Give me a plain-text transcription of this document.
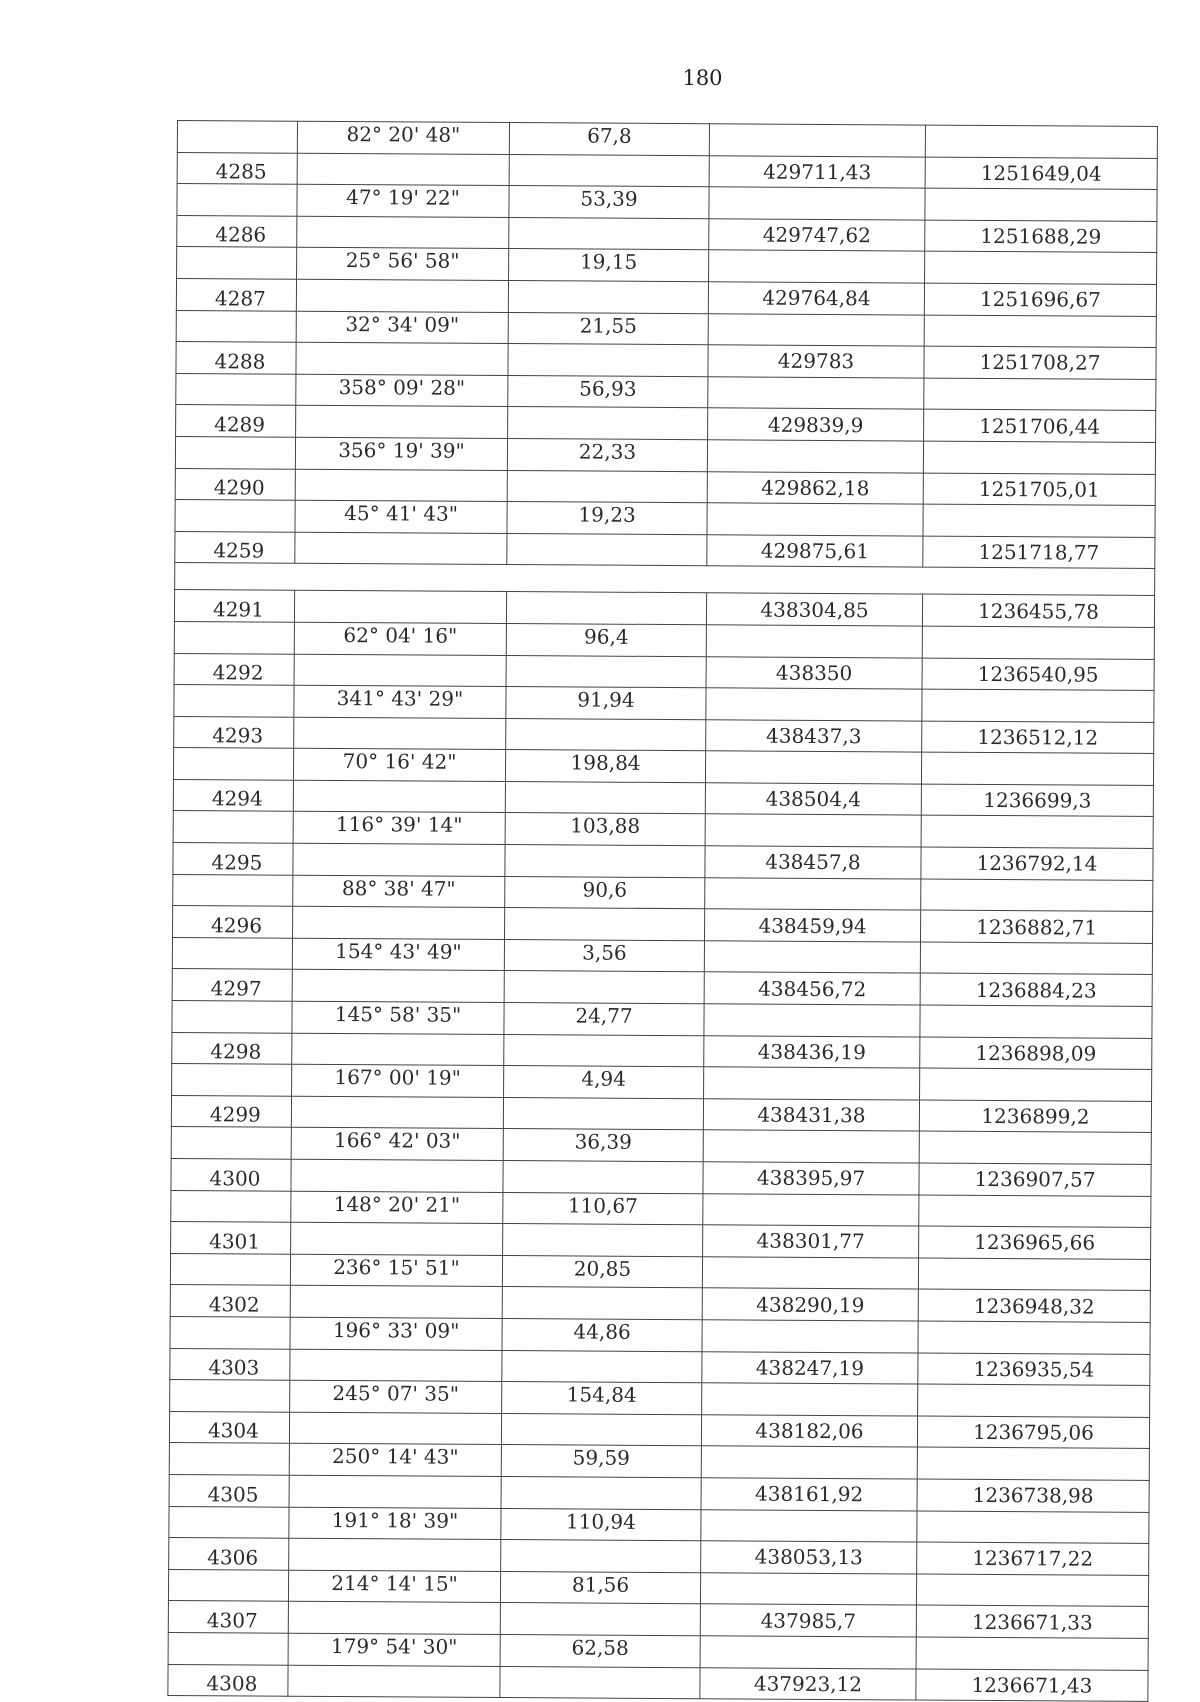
180
	82° 20' 48"	67,8		
4285			429711,43	1251649,04
	47° 19' 22"	53,39		
4286			429747,62	1251688,29
	25° 56' 58"	19,15		
4287			429764,84	1251696,67
	32° 34' 09"	21,55		
4288			429783	1251708,27
	358° 09' 28"	56,93		
4289			429839,9	1251706,44
	356° 19' 39"	22,33		
4290			429862,18	1251705,01
	45° 41' 43"	19,23		
4259			429875,61	1251718,77

4291			438304,85	1236455,78
	62° 04' 16"	96,4		
4292			438350	1236540,95
	341° 43' 29"	91,94		
4293			438437,3	1236512,12
	70° 16' 42"	198,84		
4294			438504,4	1236699,3
	116° 39' 14"	103,88		
4295			438457,8	1236792,14
	88° 38' 47"	90,6		
4296			438459,94	1236882,71
	154° 43' 49"	3,56		
4297			438456,72	1236884,23
	145° 58' 35"	24,77		
4298			438436,19	1236898,09
	167° 00' 19"	4,94		
4299			438431,38	1236899,2
	166° 42' 03"	36,39		
4300			438395,97	1236907,57
	148° 20' 21"	110,67		
4301			438301,77	1236965,66
	236° 15' 51"	20,85		
4302			438290,19	1236948,32
	196° 33' 09"	44,86		
4303			438247,19	1236935,54
	245° 07' 35"	154,84		
4304			438182,06	1236795,06
	250° 14' 43"	59,59		
4305			438161,92	1236738,98
	191° 18' 39"	110,94		
4306			438053,13	1236717,22
	214° 14' 15"	81,56		
4307			437985,7	1236671,33
	179° 54' 30"	62,58		
4308			437923,12	1236671,43
